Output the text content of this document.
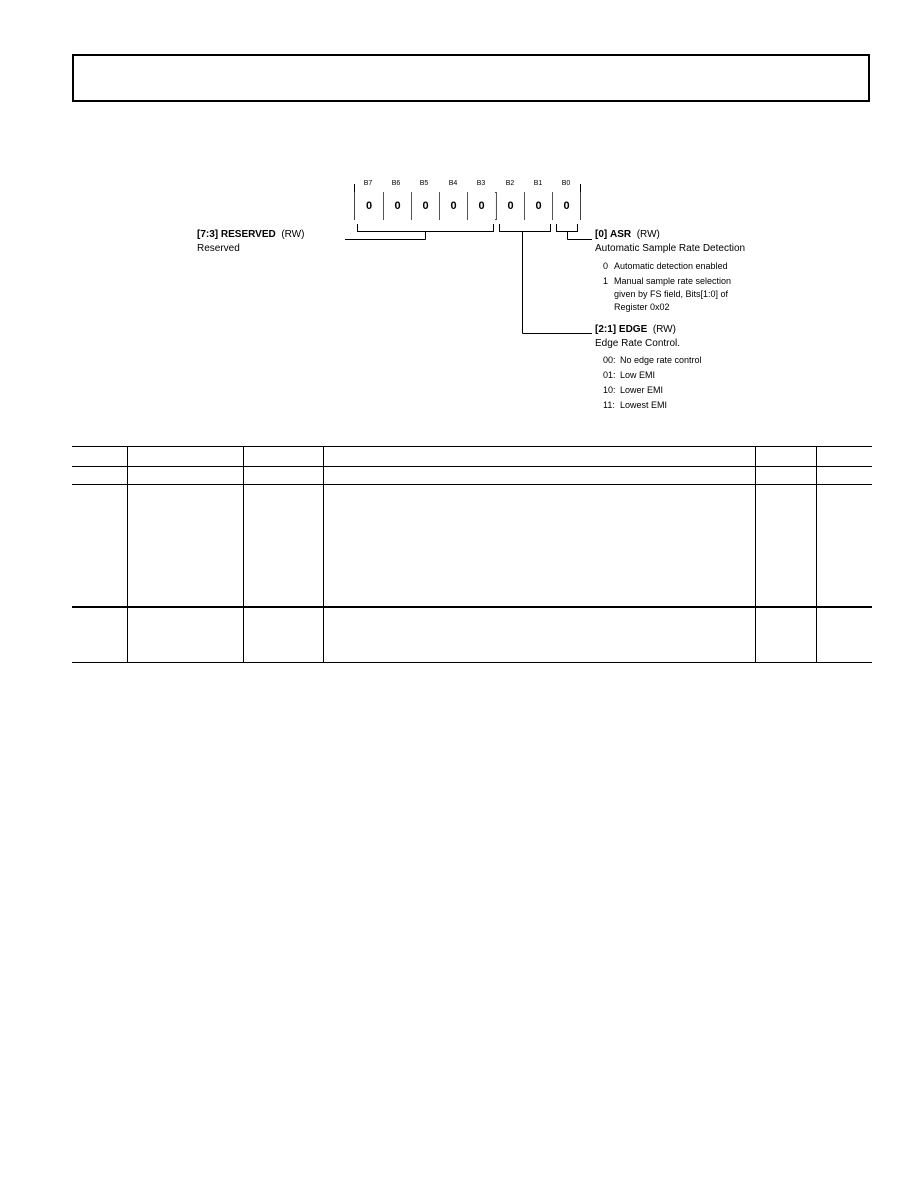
B7	B6	B5	B4	B3	B2	B1	B0
0	0	0	0	0	0	0	0
[7:3] RESERVED (RW)
Reserved
[0] ASR (RW)
Automatic Sample Rate Detection
0 Automatic detection enabled
1 Manual sample rate selection
given by FS field, Bits[1:0] of
Register 0x02
[2:1] EDGE (RW)
Edge Rate Control.
00: No edge rate control
01: Low EMI
10: Lower EMI
11: Lowest EMI
